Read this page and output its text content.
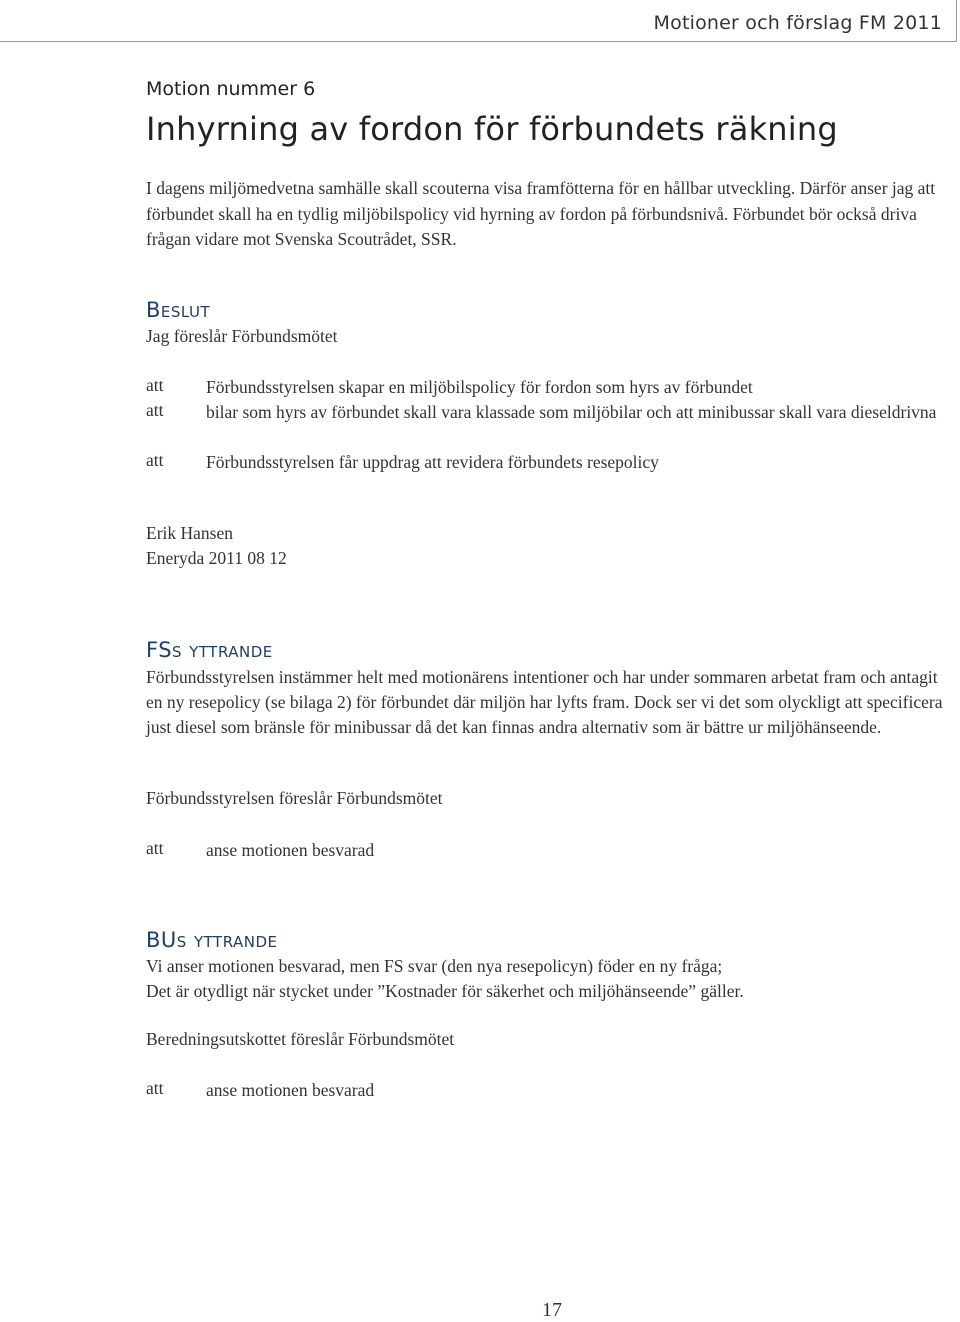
Motioner och förslag FM 2011
Motion nummer 6
Inhyrning av fordon för förbundets räkning

I dagens miljömedvetna samhälle skall scouterna visa framfötterna för en hållbar utveckling. Därför anser jag att förbundet skall ha en tydlig miljöbilspolicy vid hyrning av fordon på förbundsnivå. Förbundet bör också driva frågan vidare mot Svenska Scoutrådet, SSR.

Beslut
Jag föreslår Förbundsmötet
att Förbundsstyrelsen skapar en miljöbilspolicy för fordon som hyrs av förbundet
att bilar som hyrs av förbundet skall vara klassade som miljöbilar och att minibussar skall vara dieseldrivna
att Förbundsstyrelsen får uppdrag att revidera förbundets resepolicy
Erik Hansen
Eneryda 2011 08 12
FSs yttrande

Förbundsstyrelsen instämmer helt med motionärens intentioner och har under sommaren arbetat fram och antagit en ny resepolicy (se bilaga 2) för förbundet där miljön har lyfts fram. Dock ser vi det som olyckligt att specificera just diesel som bränsle för minibussar då det kan finnas andra alternativ som är bättre ur miljöhänseende.

Förbundsstyrelsen föreslår Förbundsmötet
att anse motionen besvarad
BUs yttrande
Vi anser motionen besvarad, men FS svar (den nya resepolicyn) föder en ny fråga;
Det är otydligt när stycket under ”Kostnader för säkerhet och miljöhänseende” gäller.
Beredningsutskottet föreslår Förbundsmötet
att anse motionen besvarad
17
